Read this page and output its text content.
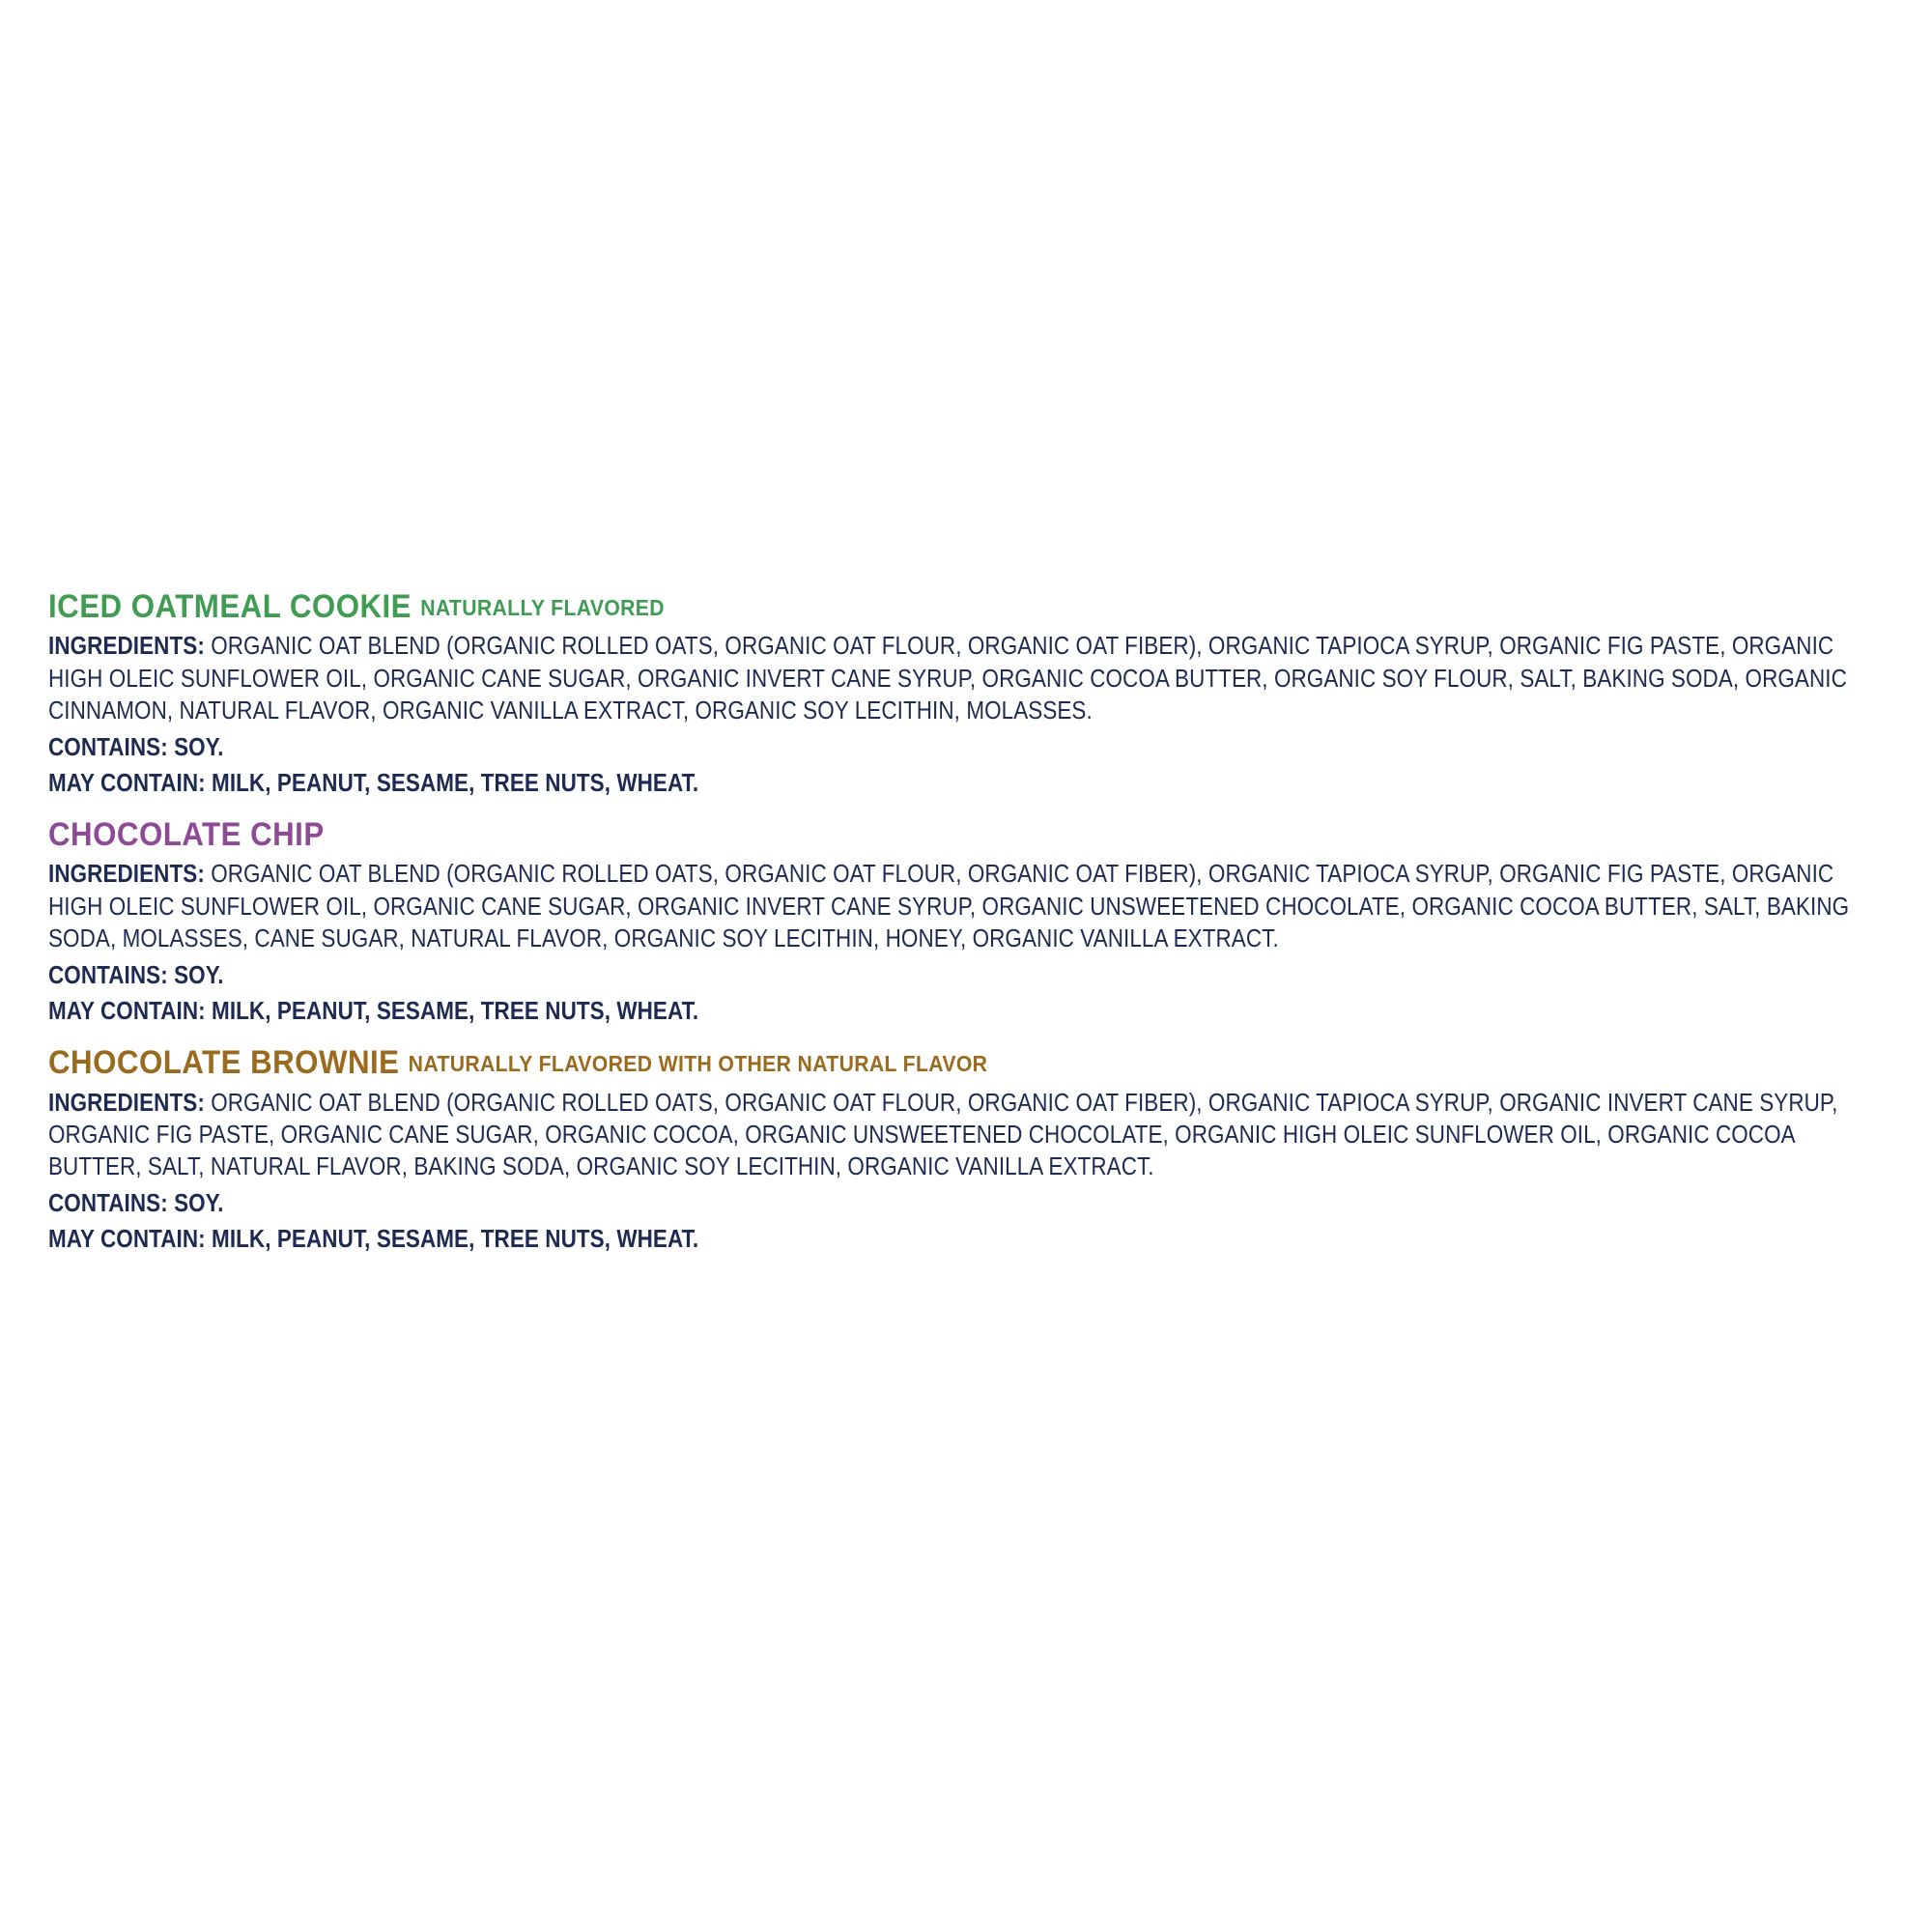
ICED OATMEAL COOKIE NATURALLY FLAVORED
INGREDIENTS: ORGANIC OAT BLEND (ORGANIC ROLLED OATS, ORGANIC OAT FLOUR, ORGANIC OAT FIBER), ORGANIC TAPIOCA SYRUP, ORGANIC FIG PASTE, ORGANIC HIGH OLEIC SUNFLOWER OIL, ORGANIC CANE SUGAR, ORGANIC INVERT CANE SYRUP, ORGANIC COCOA BUTTER, ORGANIC SOY FLOUR, SALT, BAKING SODA, ORGANIC CINNAMON, NATURAL FLAVOR, ORGANIC VANILLA EXTRACT, ORGANIC SOY LECITHIN, MOLASSES.
CONTAINS: SOY.
MAY CONTAIN: MILK, PEANUT, SESAME, TREE NUTS, WHEAT.
CHOCOLATE CHIP
INGREDIENTS: ORGANIC OAT BLEND (ORGANIC ROLLED OATS, ORGANIC OAT FLOUR, ORGANIC OAT FIBER), ORGANIC TAPIOCA SYRUP, ORGANIC FIG PASTE, ORGANIC HIGH OLEIC SUNFLOWER OIL, ORGANIC CANE SUGAR, ORGANIC INVERT CANE SYRUP, ORGANIC UNSWEETENED CHOCOLATE, ORGANIC COCOA BUTTER, SALT, BAKING SODA, MOLASSES, CANE SUGAR, NATURAL FLAVOR, ORGANIC SOY LECITHIN, HONEY, ORGANIC VANILLA EXTRACT.
CONTAINS: SOY.
MAY CONTAIN: MILK, PEANUT, SESAME, TREE NUTS, WHEAT.
CHOCOLATE BROWNIE NATURALLY FLAVORED WITH OTHER NATURAL FLAVOR
INGREDIENTS: ORGANIC OAT BLEND (ORGANIC ROLLED OATS, ORGANIC OAT FLOUR, ORGANIC OAT FIBER), ORGANIC TAPIOCA SYRUP, ORGANIC INVERT CANE SYRUP, ORGANIC FIG PASTE, ORGANIC CANE SUGAR, ORGANIC COCOA, ORGANIC UNSWEETENED CHOCOLATE, ORGANIC HIGH OLEIC SUNFLOWER OIL, ORGANIC COCOA BUTTER, SALT, NATURAL FLAVOR, BAKING SODA, ORGANIC SOY LECITHIN, ORGANIC VANILLA EXTRACT.
CONTAINS: SOY.
MAY CONTAIN: MILK, PEANUT, SESAME, TREE NUTS, WHEAT.
